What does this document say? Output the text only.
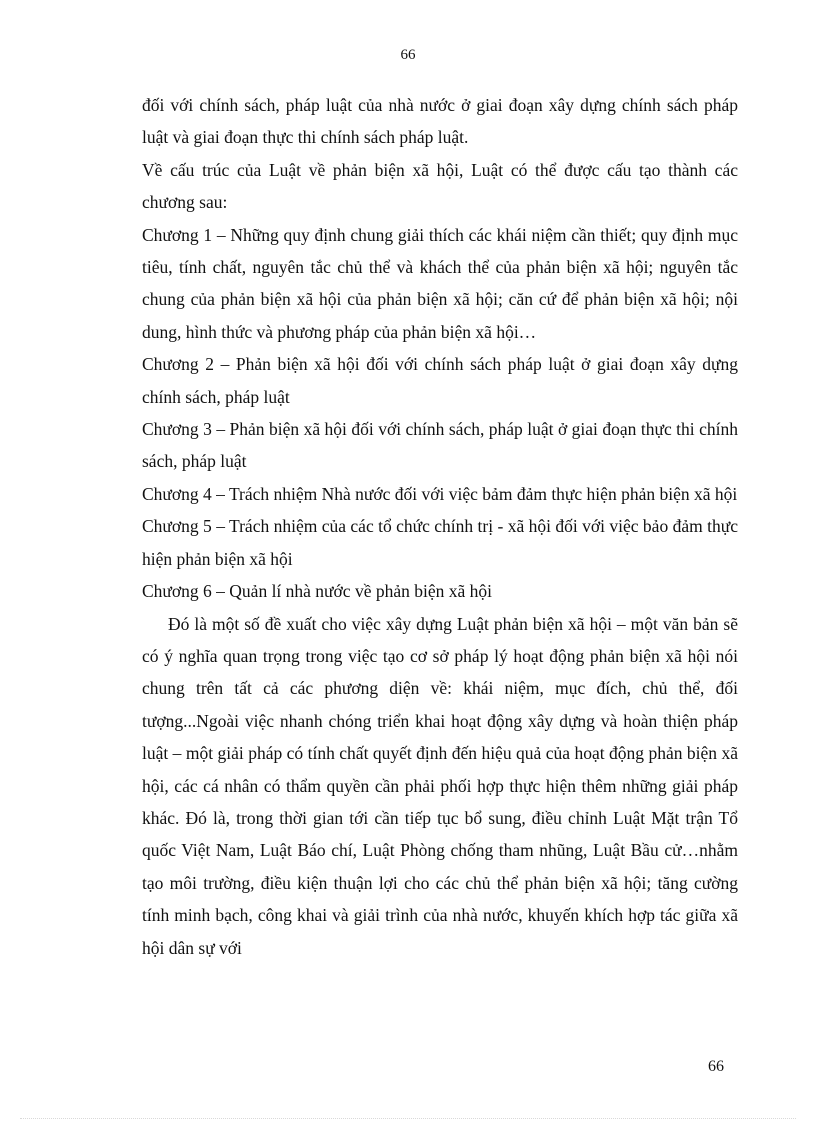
66

đối với chính sách, pháp luật của nhà nước ở giai đoạn xây dựng chính sách pháp luật và giai đoạn thực thi chính sách pháp luật.

Về cấu trúc của Luật về phản biện xã hội, Luật có thể được cấu tạo thành các chương sau:

Chương 1 – Những quy định chung giải thích các khái niệm cần thiết; quy định mục tiêu, tính chất, nguyên tắc chủ thể và khách thể của phản biện xã hội; nguyên tắc chung của phản biện xã hội của phản biện xã hội; căn cứ để phản biện xã hội; nội dung, hình thức và phương pháp của phản biện xã hội…

Chương 2 – Phản biện xã hội đối với chính sách pháp luật ở giai đoạn xây dựng chính sách, pháp luật

Chương 3 – Phản biện xã hội đối với chính sách, pháp luật ở giai đoạn thực thi chính sách, pháp luật

Chương 4 – Trách nhiệm Nhà nước đối với việc bảm đảm thực hiện phản biện xã hội

Chương 5 – Trách nhiệm của các tổ chức chính trị - xã hội đối với việc bảo đảm thực hiện phản biện xã hội

Chương 6 – Quản lí nhà nước về phản biện xã hội

Đó là một số đề xuất cho việc xây dựng Luật phản biện xã hội – một văn bản sẽ có ý nghĩa quan trọng trong việc tạo cơ sở pháp lý hoạt động phản biện xã hội nói chung trên tất cả các phương diện về: khái niệm, mục đích, chủ thể, đối tượng...Ngoài việc nhanh chóng triển khai hoạt động xây dựng và hoàn thiện pháp luật – một giải pháp có tính chất quyết định đến hiệu quả của hoạt động phản biện xã hội, các cá nhân có thẩm quyền cần phải phối hợp thực hiện thêm những giải pháp khác. Đó là, trong thời gian tới cần tiếp tục bổ sung, điều chỉnh Luật Mặt trận Tổ quốc Việt Nam, Luật Báo chí, Luật Phòng chống tham nhũng, Luật Bầu cử…nhằm tạo môi trường, điều kiện thuận lợi cho các chủ thể phản biện xã hội; tăng cường tính minh bạch, công khai và giải trình của nhà nước, khuyến khích hợp tác giữa xã hội dân sự với

66
